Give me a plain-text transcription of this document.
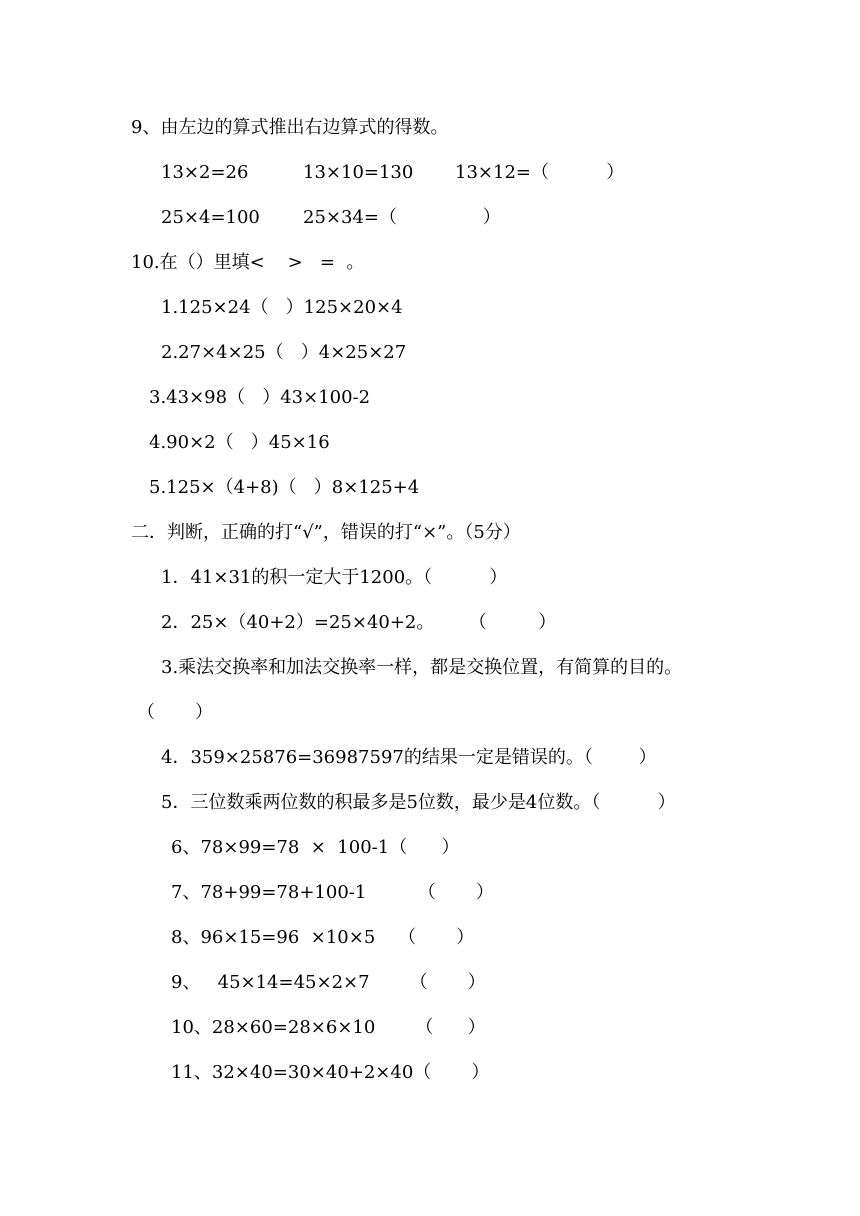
9、由左边的算式推出右边算式的得数。
13×2=26	13×10=130 13×12=（          ）
25×4=100 25×34=（               ）
10.在（）里填<    >   =  。
1.125×24（   ）125×20×4
2.27×4×25（   ）4×25×27
3.43×98（   ）43×100-2
4.90×2（   ）45×16
5.125×（4+8)（   ）8×125+4
二．判断，正确的打“√”，错误的打“×”。（5分）
1．41×31的积一定大于1200。（          ）
2．25×（40+2）=25×40+2。      （         ）
3.乘法交换率和加法交换率一样，都是交换位置，有简算的目的。
（       ）
4．359×25876=36987597的结果一定是错误的。（        ）
5．三位数乘两位数的积最多是5位数，最少是4位数。（          ）
6、78×99=78  ×  100-1（      ）
7、78+99=78+100-1         （       ）
8、96×15=96  ×10×5    （       ）
9、   45×14=45×2×7       （       ）
10、28×60=28×6×10       （      ）
11、32×40=30×40+2×40（       ）
